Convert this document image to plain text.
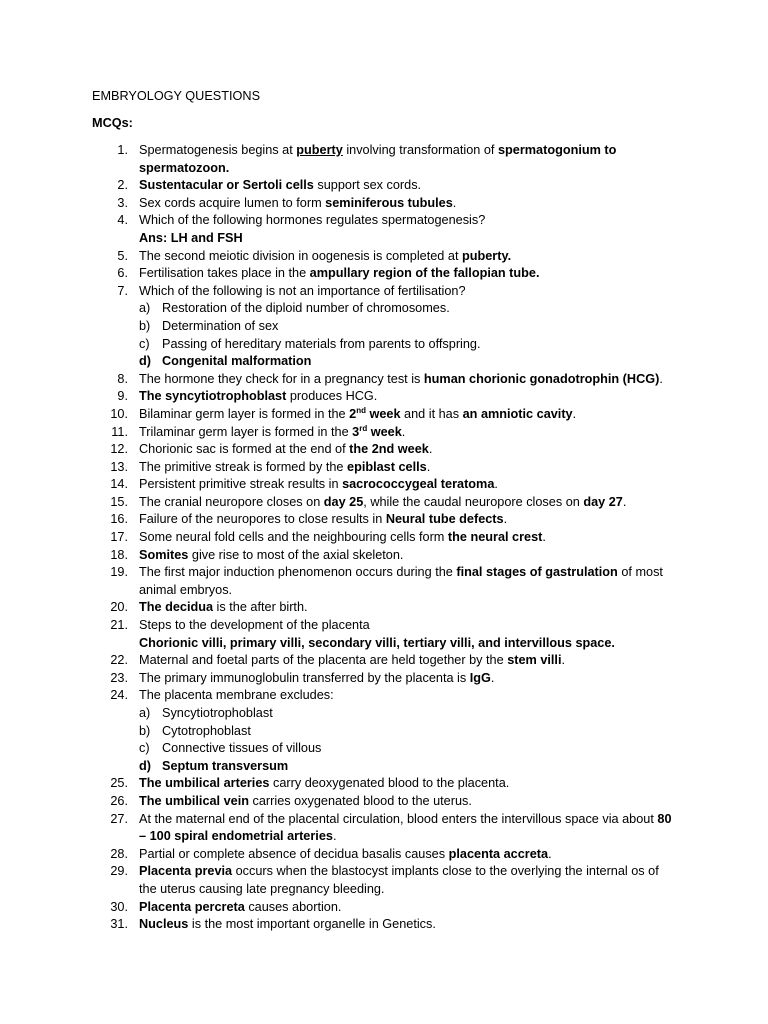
EMBRYOLOGY QUESTIONS
MCQs:
1. Spermatogenesis begins at puberty involving transformation of spermatogonium to spermatozoon.
2. Sustentacular or Sertoli cells support sex cords.
3. Sex cords acquire lumen to form seminiferous tubules.
4. Which of the following hormones regulates spermatogenesis?
Ans: LH and FSH
5. The second meiotic division in oogenesis is completed at puberty.
6. Fertilisation takes place in the ampullary region of the fallopian tube.
7. Which of the following is not an importance of fertilisation?
a) Restoration of the diploid number of chromosomes.
b) Determination of sex
c) Passing of hereditary materials from parents to offspring.
d) Congenital malformation
8. The hormone they check for in a pregnancy test is human chorionic gonadotrophin (HCG).
9. The syncytiotrophoblast produces HCG.
10. Bilaminar germ layer is formed in the 2nd week and it has an amniotic cavity.
11. Trilaminar germ layer is formed in the 3rd week.
12. Chorionic sac is formed at the end of the 2nd week.
13. The primitive streak is formed by the epiblast cells.
14. Persistent primitive streak results in sacrococcygeal teratoma.
15. The cranial neuropore closes on day 25, while the caudal neuropore closes on day 27.
16. Failure of the neuropores to close results in Neural tube defects.
17. Some neural fold cells and the neighbouring cells form the neural crest.
18. Somites give rise to most of the axial skeleton.
19. The first major induction phenomenon occurs during the final stages of gastrulation of most animal embryos.
20. The decidua is the after birth.
21. Steps to the development of the placenta
Chorionic villi, primary villi, secondary villi, tertiary villi, and intervillous space.
22. Maternal and foetal parts of the placenta are held together by the stem villi.
23. The primary immunoglobulin transferred by the placenta is IgG.
24. The placenta membrane excludes:
a) Syncytiotrophoblast
b) Cytotrophoblast
c) Connective tissues of villous
d) Septum transversum
25. The umbilical arteries carry deoxygenated blood to the placenta.
26. The umbilical vein carries oxygenated blood to the uterus.
27. At the maternal end of the placental circulation, blood enters the intervillous space via about 80 – 100 spiral endometrial arteries.
28. Partial or complete absence of decidua basalis causes placenta accreta.
29. Placenta previa occurs when the blastocyst implants close to the overlying the internal os of the uterus causing late pregnancy bleeding.
30. Placenta percreta causes abortion.
31. Nucleus is the most important organelle in Genetics.
